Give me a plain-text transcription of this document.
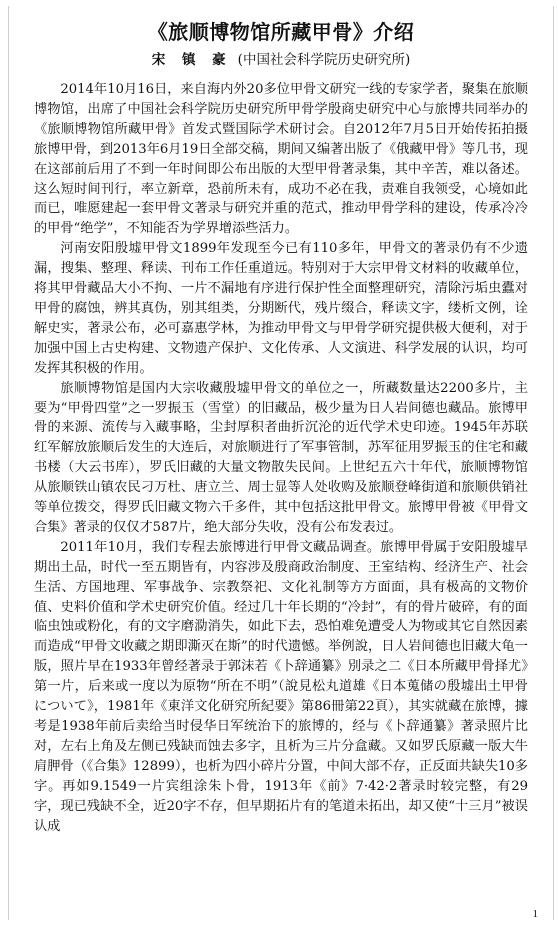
《旅顺博物馆所藏甲骨》介绍
宋 镇 豪 (中国社会科学院历史研究所)

2014年10月16日，来自海内外20多位甲骨文研究一线的专家学者，聚集在旅顺博物馆，出席了中国社会科学院历史研究所甲骨学殷商史研究中心与旅博共同举办的《旅顺博物馆所藏甲骨》首发式暨国际学术研讨会。自2012年7月5日开始传拓拍摄旅博甲骨，到2013年6月19日全部交稿，期间又编著出版了《俄藏甲骨》等几书，现在这部前后用了不到一年时间即公布出版的大型甲骨著录集，其中辛苦，难以备述。这么短时间刊行，率立新章，恐前所未有，成功不必在我，责难自我领受，心境如此而已，唯愿建起一套甲骨文著录与研究并重的范式，推动甲骨学科的建设，传承冷冷的甲骨“绝学”，不知能否为学界增添些活力。

河南安阳殷墟甲骨文1899年发现至今已有110多年，甲骨文的著录仍有不少遗漏，搜集、整理、释读、刊布工作任重道远。特别对于大宗甲骨文材料的收藏单位，将其甲骨藏品大小不拘、一片不漏地有序进行保护性全面整理研究，清除污垢虫蠹对甲骨的腐蚀，辨其真伪，别其组类，分期断代，残片缀合，释读文字，缕析文例，诠解史实，著录公布，必可嘉惠学林，为推动甲骨文与甲骨学研究提供极大便利，对于加强中国上古史构建、文物遗产保护、文化传承、人文演进、科学发展的认识，均可发挥其积极的作用。

旅顺博物馆是国内大宗收藏殷墟甲骨文的单位之一，所藏数量达2200多片，主要为“甲骨四堂”之一罗振玉（雪堂）的旧藏品，极少量为日人岩间德也藏品。旅博甲骨的来源、流传与入藏事略，尘封厚积者曲折沉沦的近代学术史印迹。1945年苏联红军解放旅顺后发生的大连后，对旅顺进行了军事管制，苏军征用罗振玉的住宅和藏书楼（大云书库），罗氏旧藏的大量文物散失民间。上世纪五六十年代，旅顺博物馆从旅顺铁山镇农民刁万杜、唐立兰、周士显等人处收购及旅顺登峰街道和旅顺供销社等单位拨交，得罗氏旧藏文物六千多件，其中包括这批甲骨文。旅博甲骨被《甲骨文合集》著录的仅仅才587片，绝大部分失收，没有公布发表过。

2011年10月，我们专程去旅博进行甲骨文藏品调查。旅博甲骨属于安阳殷墟早期出土品，时代一至五期皆有，内容涉及殷商政治制度、王室结构、经济生产、社会生活、方国地理、军事战争、宗教祭祀、文化礼制等方方面面，具有极高的文物价值、史料价值和学术史研究价值。经过几十年长期的“冷封”，有的骨片破碎，有的面临虫蚀或粉化，有的文字磨泐消失，如此下去，恐怕难免遭受人为物或其它自然因素而造成“甲骨文收藏之期即澌灭在斯”的时代遗憾。举例說，日人岩间德也旧藏大龟一版，照片早在1933年曾经著录于郭沫若《卜辞通纂》別录之二《日本所藏甲骨择尤》第一片，后来或一度以为原物“所在不明”（說見松丸道雄《日本蒐储の殷墟出土甲骨について》，1981年《東洋文化研究所紀要》第86冊第22頁），其实就藏在旅博，據考是1938年前后卖给当时侵华日军统治下的旅博的，经与《卜辞通纂》著录照片比对，左右上角及左侧已残缺而蚀去多字，且析为三片分盒藏。又如罗氏原藏一版大牛肩胛骨（《合集》12899），也析为四小碎片分置，中间大部不存，正反面共缺失10多字。再如9.1549一片宾组涂朱卜骨，1913年《前》7·42·2著录时较完整，有29字，现已残缺不全，近20字不存，但早期拓片有的笔道未拓出，却又使“十三月”被误认成

1
